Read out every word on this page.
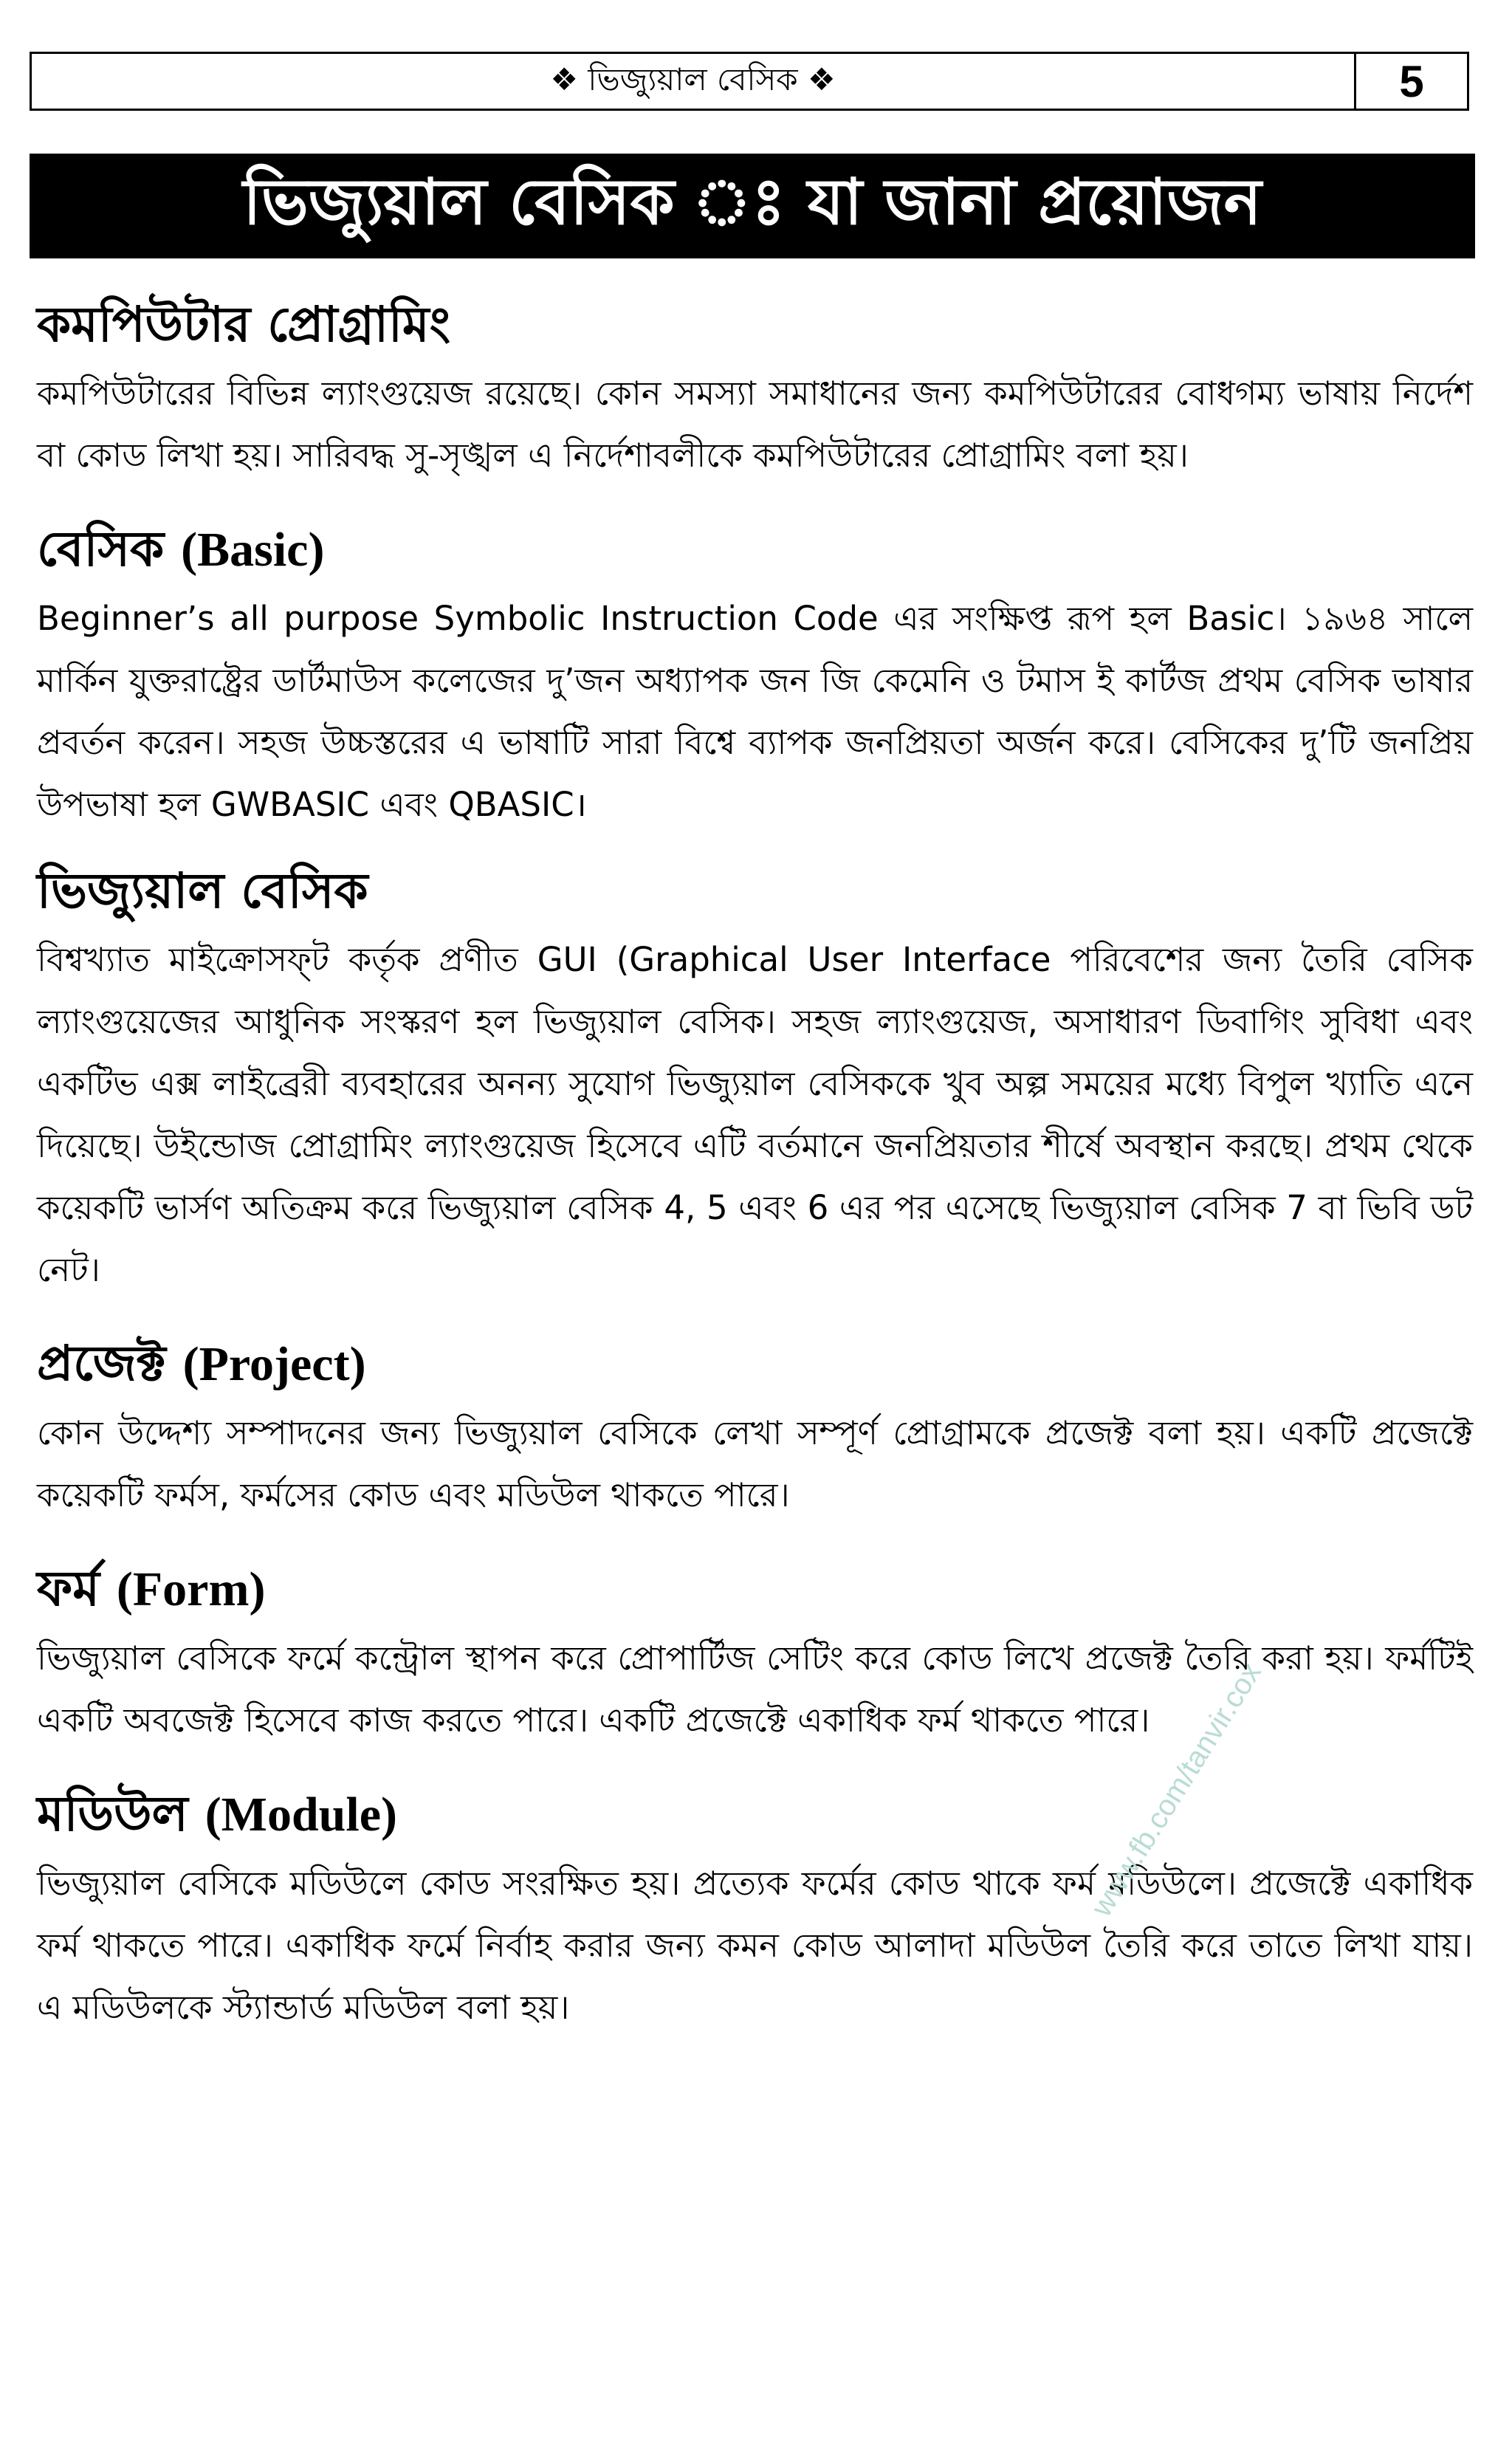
❖ ভিজ্যুয়াল বেসিক ❖	5
ভিজ্যুয়াল বেসিক ঃ যা জানা প্রয়োজন
কমপিউটার প্রোগ্রামিং

কমপিউটারের বিভিন্ন ল্যাংগুয়েজ রয়েছে। কোন সমস্যা সমাধানের জন্য কমপিউটারের বোধগম্য ভাষায় নির্দেশ বা কোড লিখা হয়। সারিবদ্ধ সু-সৃঙ্খল এ নির্দেশাবলীকে কমপিউটারের প্রোগ্রামিং বলা হয়।

বেসিক (Basic)

Beginner’s all purpose Symbolic Instruction Code এর সংক্ষিপ্ত রূপ হল Basic। ১৯৬৪ সালে মার্কিন যুক্তরাষ্ট্রের ডার্টমাউস কলেজের দু’জন অধ্যাপক জন জি কেমেনি ও টমাস ই কার্টজ প্রথম বেসিক ভাষার প্রবর্তন করেন। সহজ উচ্চস্তরের এ ভাষাটি সারা বিশ্বে ব্যাপক জনপ্রিয়তা অর্জন করে। বেসিকের দু’টি জনপ্রিয় উপভাষা হল GWBASIC এবং QBASIC।

ভিজ্যুয়াল বেসিক

বিশ্বখ্যাত মাইক্রোসফ্‌ট কর্তৃক প্রণীত GUI (Graphical User Interface পরিবেশের জন্য তৈরি বেসিক ল্যাংগুয়েজের আধুনিক সংস্করণ হল ভিজ্যুয়াল বেসিক। সহজ ল্যাংগুয়েজ, অসাধারণ ডিবাগিং সুবিধা এবং একটিভ এক্স লাইব্রেরী ব্যবহারের অনন্য সুযোগ ভিজ্যুয়াল বেসিককে খুব অল্প সময়ের মধ্যে বিপুল খ্যাতি এনে দিয়েছে। উইন্ডোজ প্রোগ্রামিং ল্যাংগুয়েজ হিসেবে এটি বর্তমানে জনপ্রিয়তার শীর্ষে অবস্থান করছে। প্রথম থেকে কয়েকটি ভার্সণ অতিক্রম করে ভিজ্যুয়াল বেসিক 4, 5 এবং 6 এর পর এসেছে ভিজ্যুয়াল বেসিক 7 বা ভিবি ডট নেট।

প্রজেক্ট (Project)

কোন উদ্দেশ্য সম্পাদনের জন্য ভিজ্যুয়াল বেসিকে লেখা সম্পূর্ণ প্রোগ্রামকে প্রজেক্ট বলা হয়। একটি প্রজেক্টে কয়েকটি ফর্মস, ফর্মসের কোড এবং মডিউল থাকতে পারে।

ফর্ম (Form)

ভিজ্যুয়াল বেসিকে ফর্মে কন্ট্রোল স্থাপন করে প্রোপার্টিজ সেটিং করে কোড লিখে প্রজেক্ট তৈরি করা হয়। ফর্মটিই একটি অবজেক্ট হিসেবে কাজ করতে পারে। একটি প্রজেক্টে একাধিক ফর্ম থাকতে পারে।

মডিউল (Module)

ভিজ্যুয়াল বেসিকে মডিউলে কোড সংরক্ষিত হয়। প্রত্যেক ফর্মের কোড থাকে ফর্ম মডিউলে। প্রজেক্টে একাধিক ফর্ম থাকতে পারে। একাধিক ফর্মে নির্বাহ করার জন্য কমন কোড আলাদা মডিউল তৈরি করে তাতে লিখা যায়। এ মডিউলকে স্ট্যান্ডার্ড মডিউল বলা হয়।

www.fb.com/tanvir.cox
